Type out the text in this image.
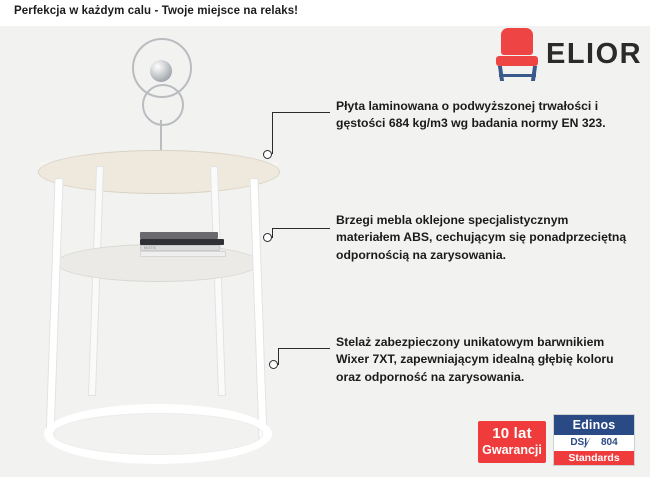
Perfekcja w każdym calu - Twoje miejsce na relaks!
ELIOR
NOTE
Płyta laminowana o podwyższonej trwałości i gęstości 684 kg/m3 wg badania normy EN 323.
Brzegi mebla oklejone specjalistycznym materiałem ABS, cechującym się ponadprzeciętną odpornością na zarysowania.
Stelaż zabezpieczony unikatowym barwnikiem Wixer 7XT, zapewniającym idealną głębię koloru oraz odporność na zarysowania.
10 lat
Gwarancji
Edinos
DSI 804
Standards
